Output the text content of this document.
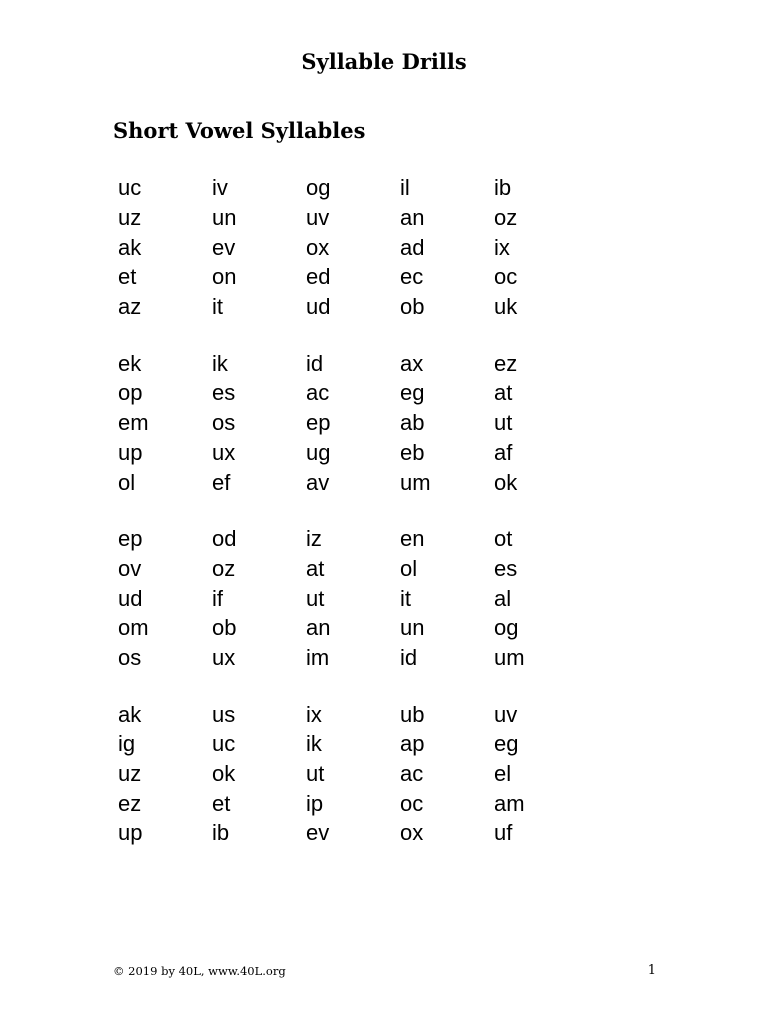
Syllable Drills
Short Vowel Syllables
uc	iv	og	il	ib
uz	un	uv	an	oz
ak	ev	ox	ad	ix
et	on	ed	ec	oc
az	it	ud	ob	uk
ek	ik	id	ax	ez
op	es	ac	eg	at
em	os	ep	ab	ut
up	ux	ug	eb	af
ol	ef	av	um	ok
ep	od	iz	en	ot
ov	oz	at	ol	es
ud	if	ut	it	al
om	ob	an	un	og
os	ux	im	id	um
ak	us	ix	ub	uv
ig	uc	ik	ap	eg
uz	ok	ut	ac	el
ez	et	ip	oc	am
up	ib	ev	ox	uf
© 2019 by 40L, www.40L.org	1
